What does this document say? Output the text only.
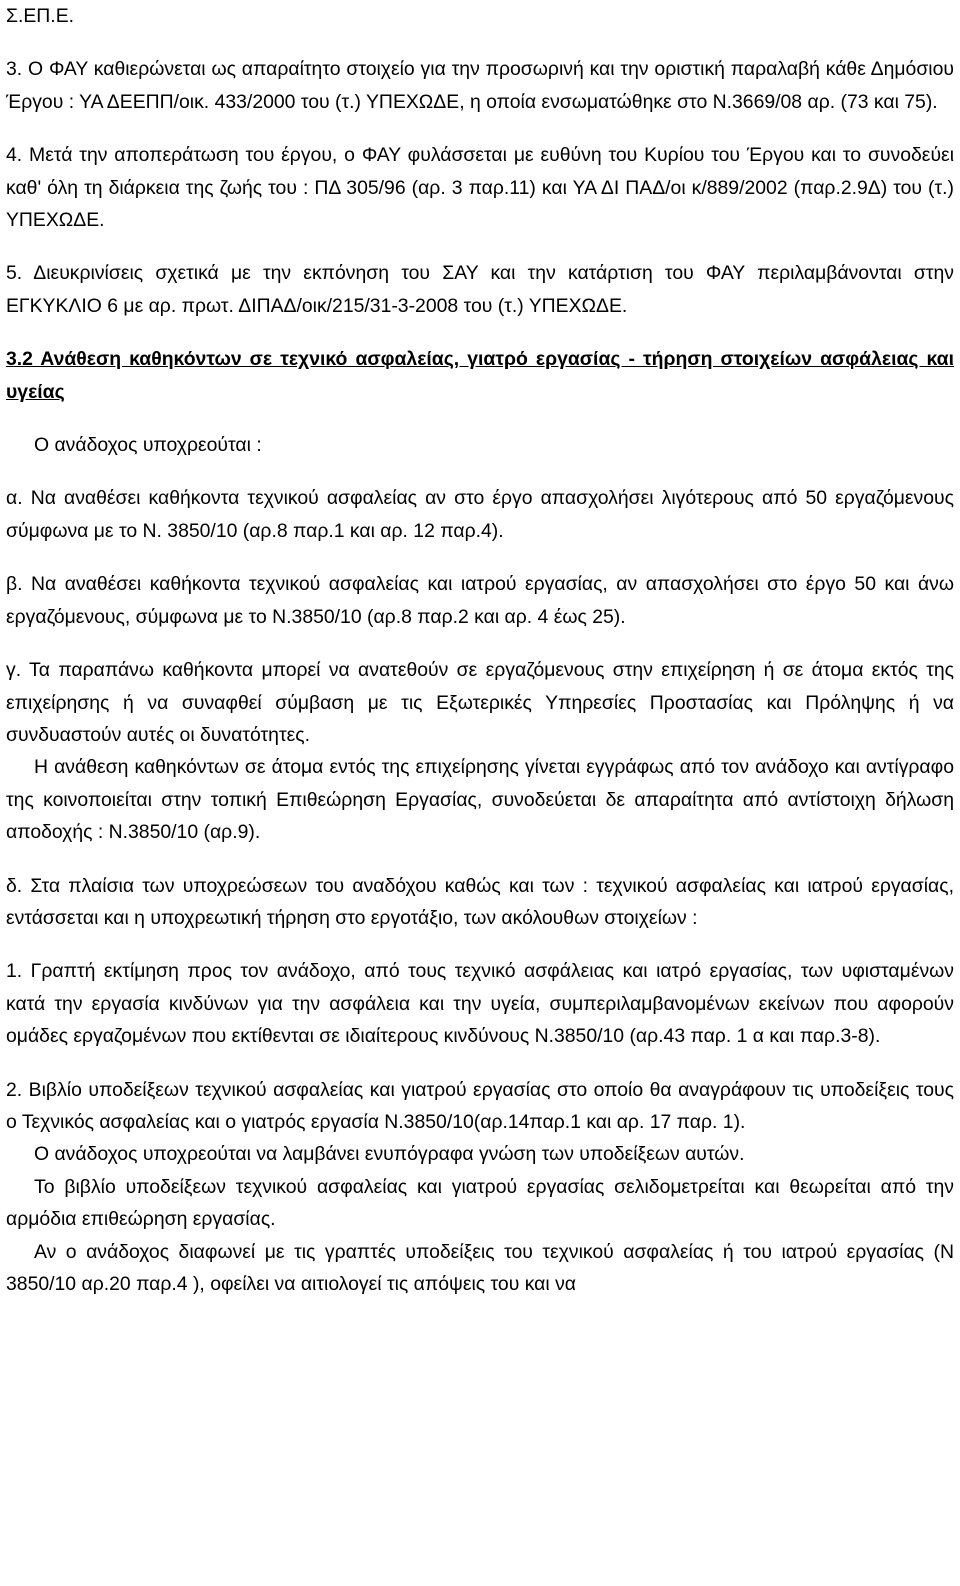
Σ.ΕΠ.Ε.

3. Ο ΦΑΥ καθιερώνεται ως απαραίτητο στοιχείο για την προσωρινή και την οριστική παραλαβή κάθε Δημόσιου Έργου : ΥΑ ΔΕΕΠΠ/οικ. 433/2000 του (τ.) ΥΠΕΧΩΔΕ, η οποία ενσωματώθηκε στο Ν.3669/08 αρ. (73 και 75).

4. Μετά την αποπεράτωση του έργου, ο ΦΑΥ φυλάσσεται με ευθύνη του Κυρίου του Έργου και το συνοδεύει καθ' όλη τη διάρκεια της ζωής του : ΠΔ 305/96 (αρ. 3 παρ.11) και ΥΑ ΔΙ ΠΑΔ/οι κ/889/2002 (παρ.2.9Δ) του (τ.) ΥΠΕΧΩΔΕ.

5. Διευκρινίσεις σχετικά με την εκπόνηση του ΣΑΥ και την κατάρτιση του ΦΑΥ περιλαμβάνονται στην ΕΓΚΥΚΛΙΟ 6 με αρ. πρωτ. ΔΙΠΑΔ/οικ/215/31-3-2008 του (τ.) ΥΠΕΧΩΔΕ.

3.2 Ανάθεση καθηκόντων σε τεχνικό ασφαλείας, γιατρό εργασίας - τήρηση στοιχείων ασφάλειας και υγείας

Ο ανάδοχος υποχρεούται :

α. Να αναθέσει καθήκοντα τεχνικού ασφαλείας αν στο έργο απασχολήσει λιγότερους από 50 εργαζόμενους σύμφωνα με το Ν. 3850/10 (αρ.8 παρ.1 και αρ. 12 παρ.4).

β. Να αναθέσει καθήκοντα τεχνικού ασφαλείας και ιατρού εργασίας, αν απασχολήσει στο έργο 50 και άνω εργαζόμενους, σύμφωνα με το Ν.3850/10 (αρ.8 παρ.2 και αρ. 4 έως 25).

γ. Τα παραπάνω καθήκοντα μπορεί να ανατεθούν σε εργαζόμενους στην επιχείρηση ή σε άτομα εκτός της επιχείρησης ή να συναφθεί σύμβαση με τις Εξωτερικές Υπηρεσίες Προστασίας και Πρόληψης ή να συνδυαστούν αυτές οι δυνατότητες.

Η ανάθεση καθηκόντων σε άτομα εντός της επιχείρησης γίνεται εγγράφως από τον ανάδοχο και αντίγραφο της κοινοποιείται στην τοπική Επιθεώρηση Εργασίας, συνοδεύεται δε απαραίτητα από αντίστοιχη δήλωση αποδοχής : Ν.3850/10 (αρ.9).

δ. Στα πλαίσια των υποχρεώσεων του αναδόχου καθώς και των : τεχνικού ασφαλείας και ιατρού εργασίας, εντάσσεται και η υποχρεωτική τήρηση στο εργοτάξιο, των ακόλουθων στοιχείων :

1. Γραπτή εκτίμηση προς τον ανάδοχο, από τους τεχνικό ασφάλειας και ιατρό εργασίας, των υφισταμένων κατά την εργασία κινδύνων για την ασφάλεια και την υγεία, συμπεριλαμβανομένων εκείνων που αφορούν ομάδες εργαζομένων που εκτίθενται σε ιδιαίτερους κινδύνους Ν.3850/10 (αρ.43 παρ. 1 α και παρ.3-8).

2. Βιβλίο υποδείξεων τεχνικού ασφαλείας και γιατρού εργασίας στο οποίο θα αναγράφουν τις υποδείξεις τους ο Τεχνικός ασφαλείας και ο γιατρός εργασία Ν.3850/10(αρ.14παρ.1 και αρ. 17 παρ. 1).

Ο ανάδοχος υποχρεούται να λαμβάνει ενυπόγραφα γνώση των υποδείξεων αυτών.

Το βιβλίο υποδείξεων τεχνικού ασφαλείας και γιατρού εργασίας σελιδομετρείται και θεωρείται από την αρμόδια επιθεώρηση εργασίας.

Αν ο ανάδοχος διαφωνεί με τις γραπτές υποδείξεις του τεχνικού ασφαλείας ή του ιατρού εργασίας (Ν 3850/10 αρ.20 παρ.4 ), οφείλει να αιτιολογεί τις απόψεις του και να
